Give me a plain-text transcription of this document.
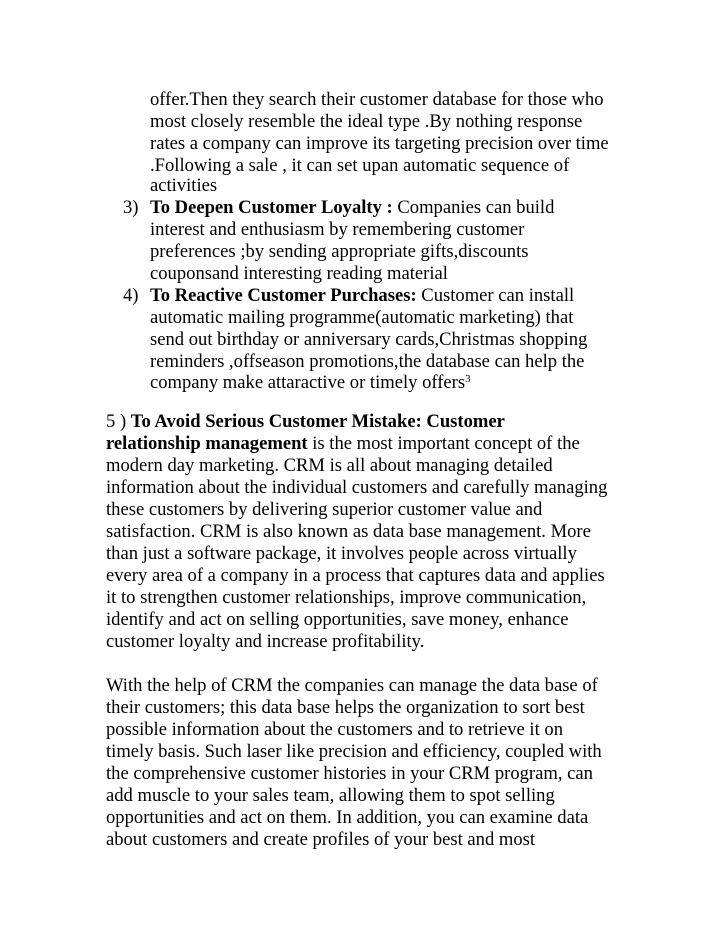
offer.Then they search their customer database for those who
most closely resemble the ideal type .By nothing response
rates a company can improve its targeting precision over time
.Following a sale , it can set upan automatic sequence of
activities
3) To Deepen Customer Loyalty : Companies can build
interest and enthusiasm by remembering customer
preferences ;by sending appropriate gifts,discounts
couponsand interesting reading material
4) To Reactive Customer Purchases: Customer can install
automatic mailing programme(automatic marketing) that
send out birthday or anniversary cards,Christmas shopping
reminders ,offseason promotions,the database can help the
company make attaractive or timely offers$^3$
5 ) To Avoid Serious Customer Mistake: Customer
relationship management is the most important concept of the
modern day marketing. CRM is all about managing detailed
information about the individual customers and carefully managing
these customers by delivering superior customer value and
satisfaction. CRM is also known as data base management. More
than just a software package, it involves people across virtually
every area of a company in a process that captures data and applies
it to strengthen customer relationships, improve communication,
identify and act on selling opportunities, save money, enhance
customer loyalty and increase profitability.
With the help of CRM the companies can manage the data base of
their customers; this data base helps the organization to sort best
possible information about the customers and to retrieve it on
timely basis. Such laser like precision and efficiency, coupled with
the comprehensive customer histories in your CRM program, can
add muscle to your sales team, allowing them to spot selling
opportunities and act on them. In addition, you can examine data
about customers and create profiles of your best and most
